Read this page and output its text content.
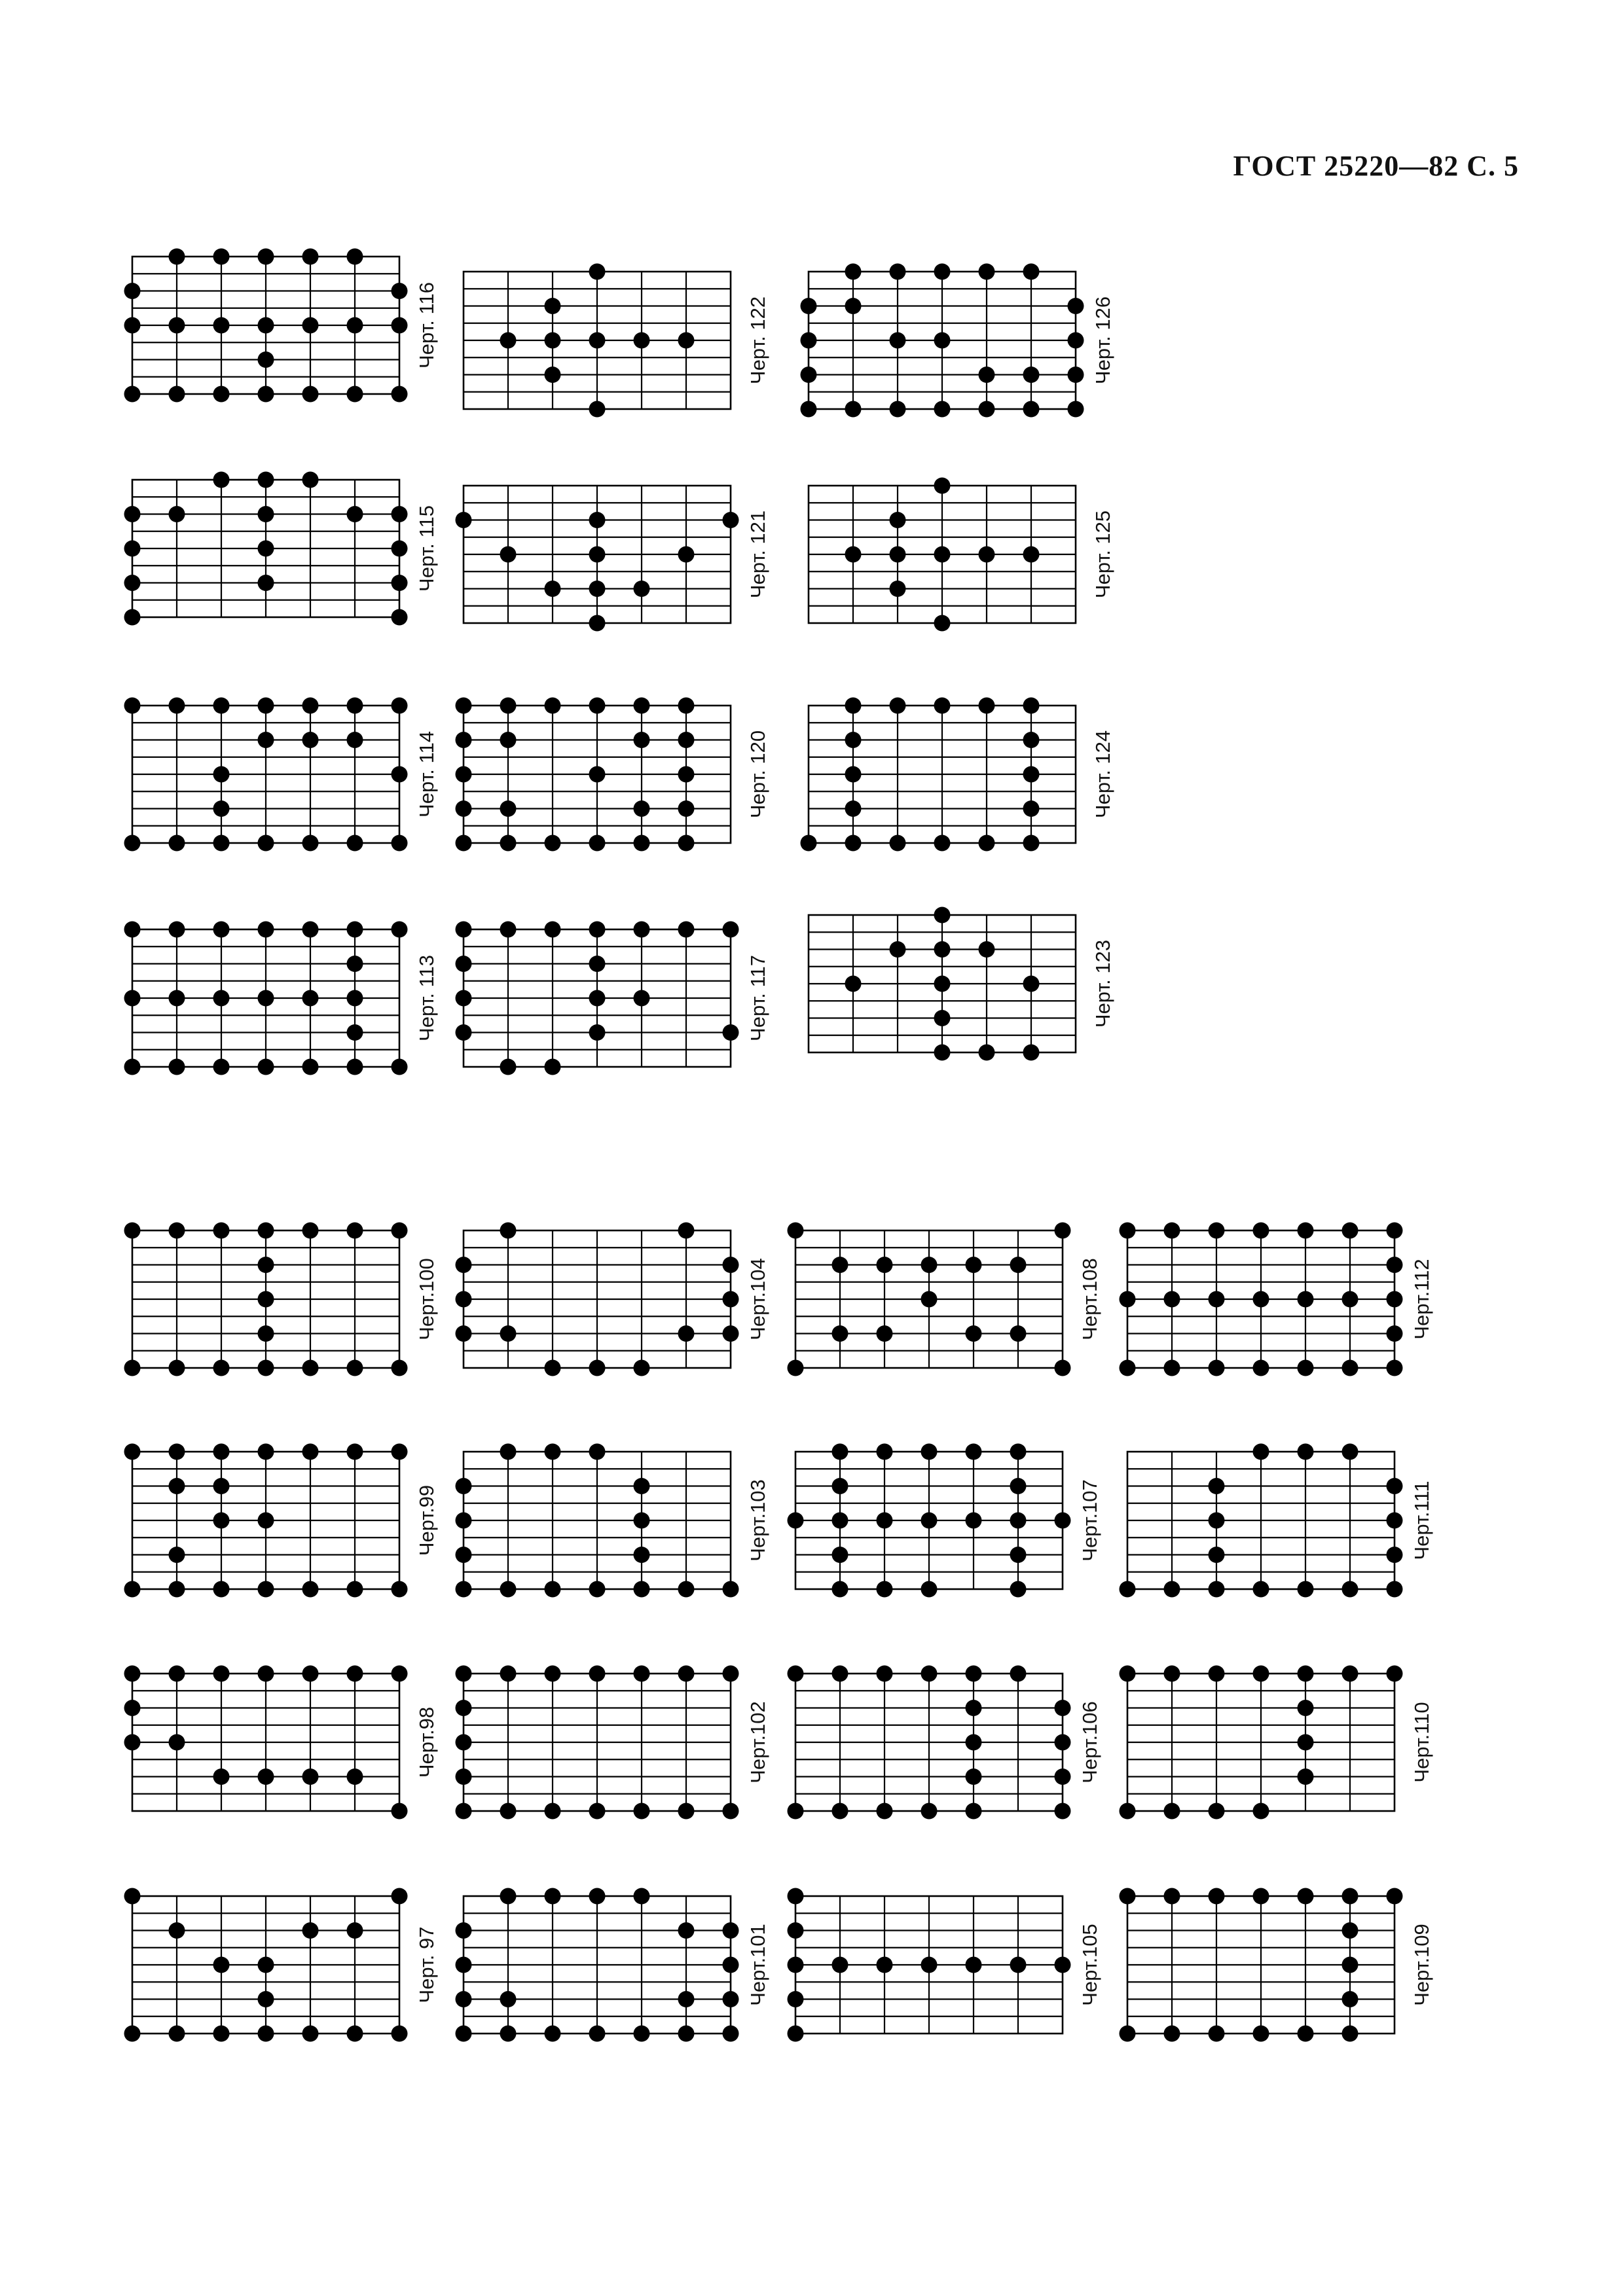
ГОСТ 25220—82 С. 5
Черт. 116	Черт. 122	Черт. 126
Черт. 115	Черт. 121	Черт. 125
Черт. 114	Черт. 120	Черт. 124
Черт. 113	Черт. 117	Черт. 123
Черт.100	Черт.104	Черт.108	Черт.112
Черт.99	Черт.103	Черт.107	Черт.111
Черт.98	Черт.102	Черт.106	Черт.110
Черт. 97	Черт.101	Черт.105	Черт.109
